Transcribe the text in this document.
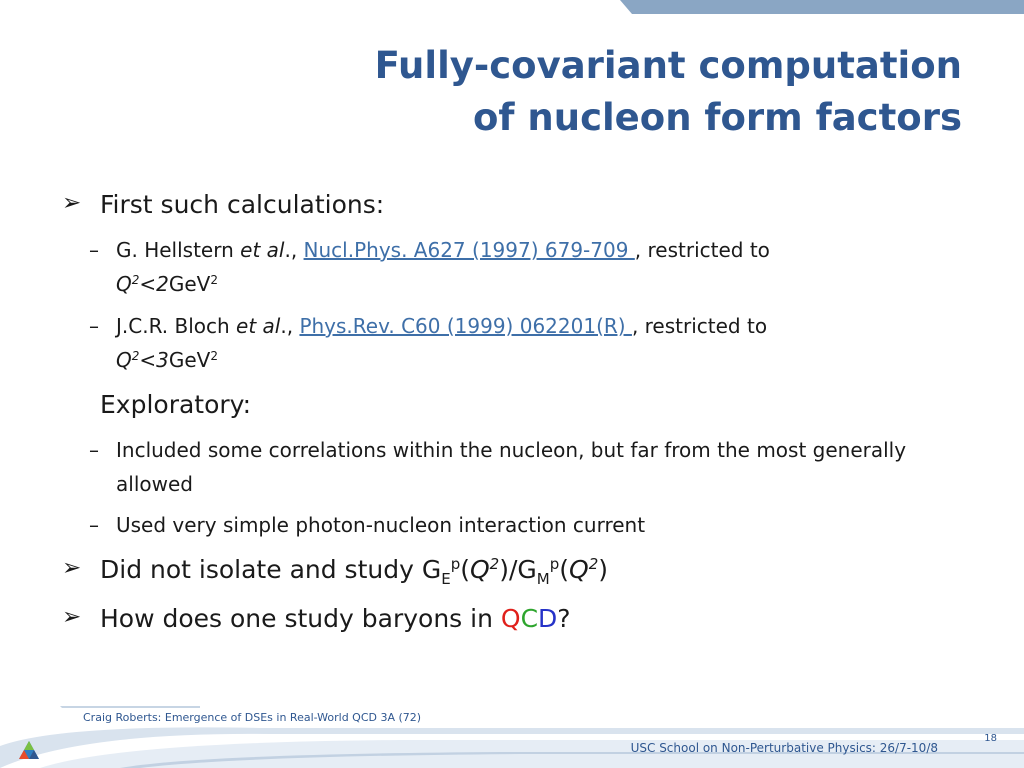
Fully-covariant computation
of nucleon form factors
➢ First such calculations:
– G. Hellstern et al., Nucl.Phys. A627 (1997) 679-709 , restricted to
$Q^2<2GeV^2$
– J.C.R. Bloch et al., Phys.Rev. C60 (1999) 062201(R) , restricted to
$Q^2<3GeV^2$
Exploratory:
– Included some correlations within the nucleon, but far from the most generally allowed
– Used very simple photon-nucleon interaction current
➢ Did not isolate and study $G_E^p(Q^2)/G_M^p(Q^2)$
➢ How does one study baryons in QCD?
Craig Roberts: Emergence of DSEs in Real-World QCD 3A (72)
18
USC School on Non-Perturbative Physics: 26/7-10/8
